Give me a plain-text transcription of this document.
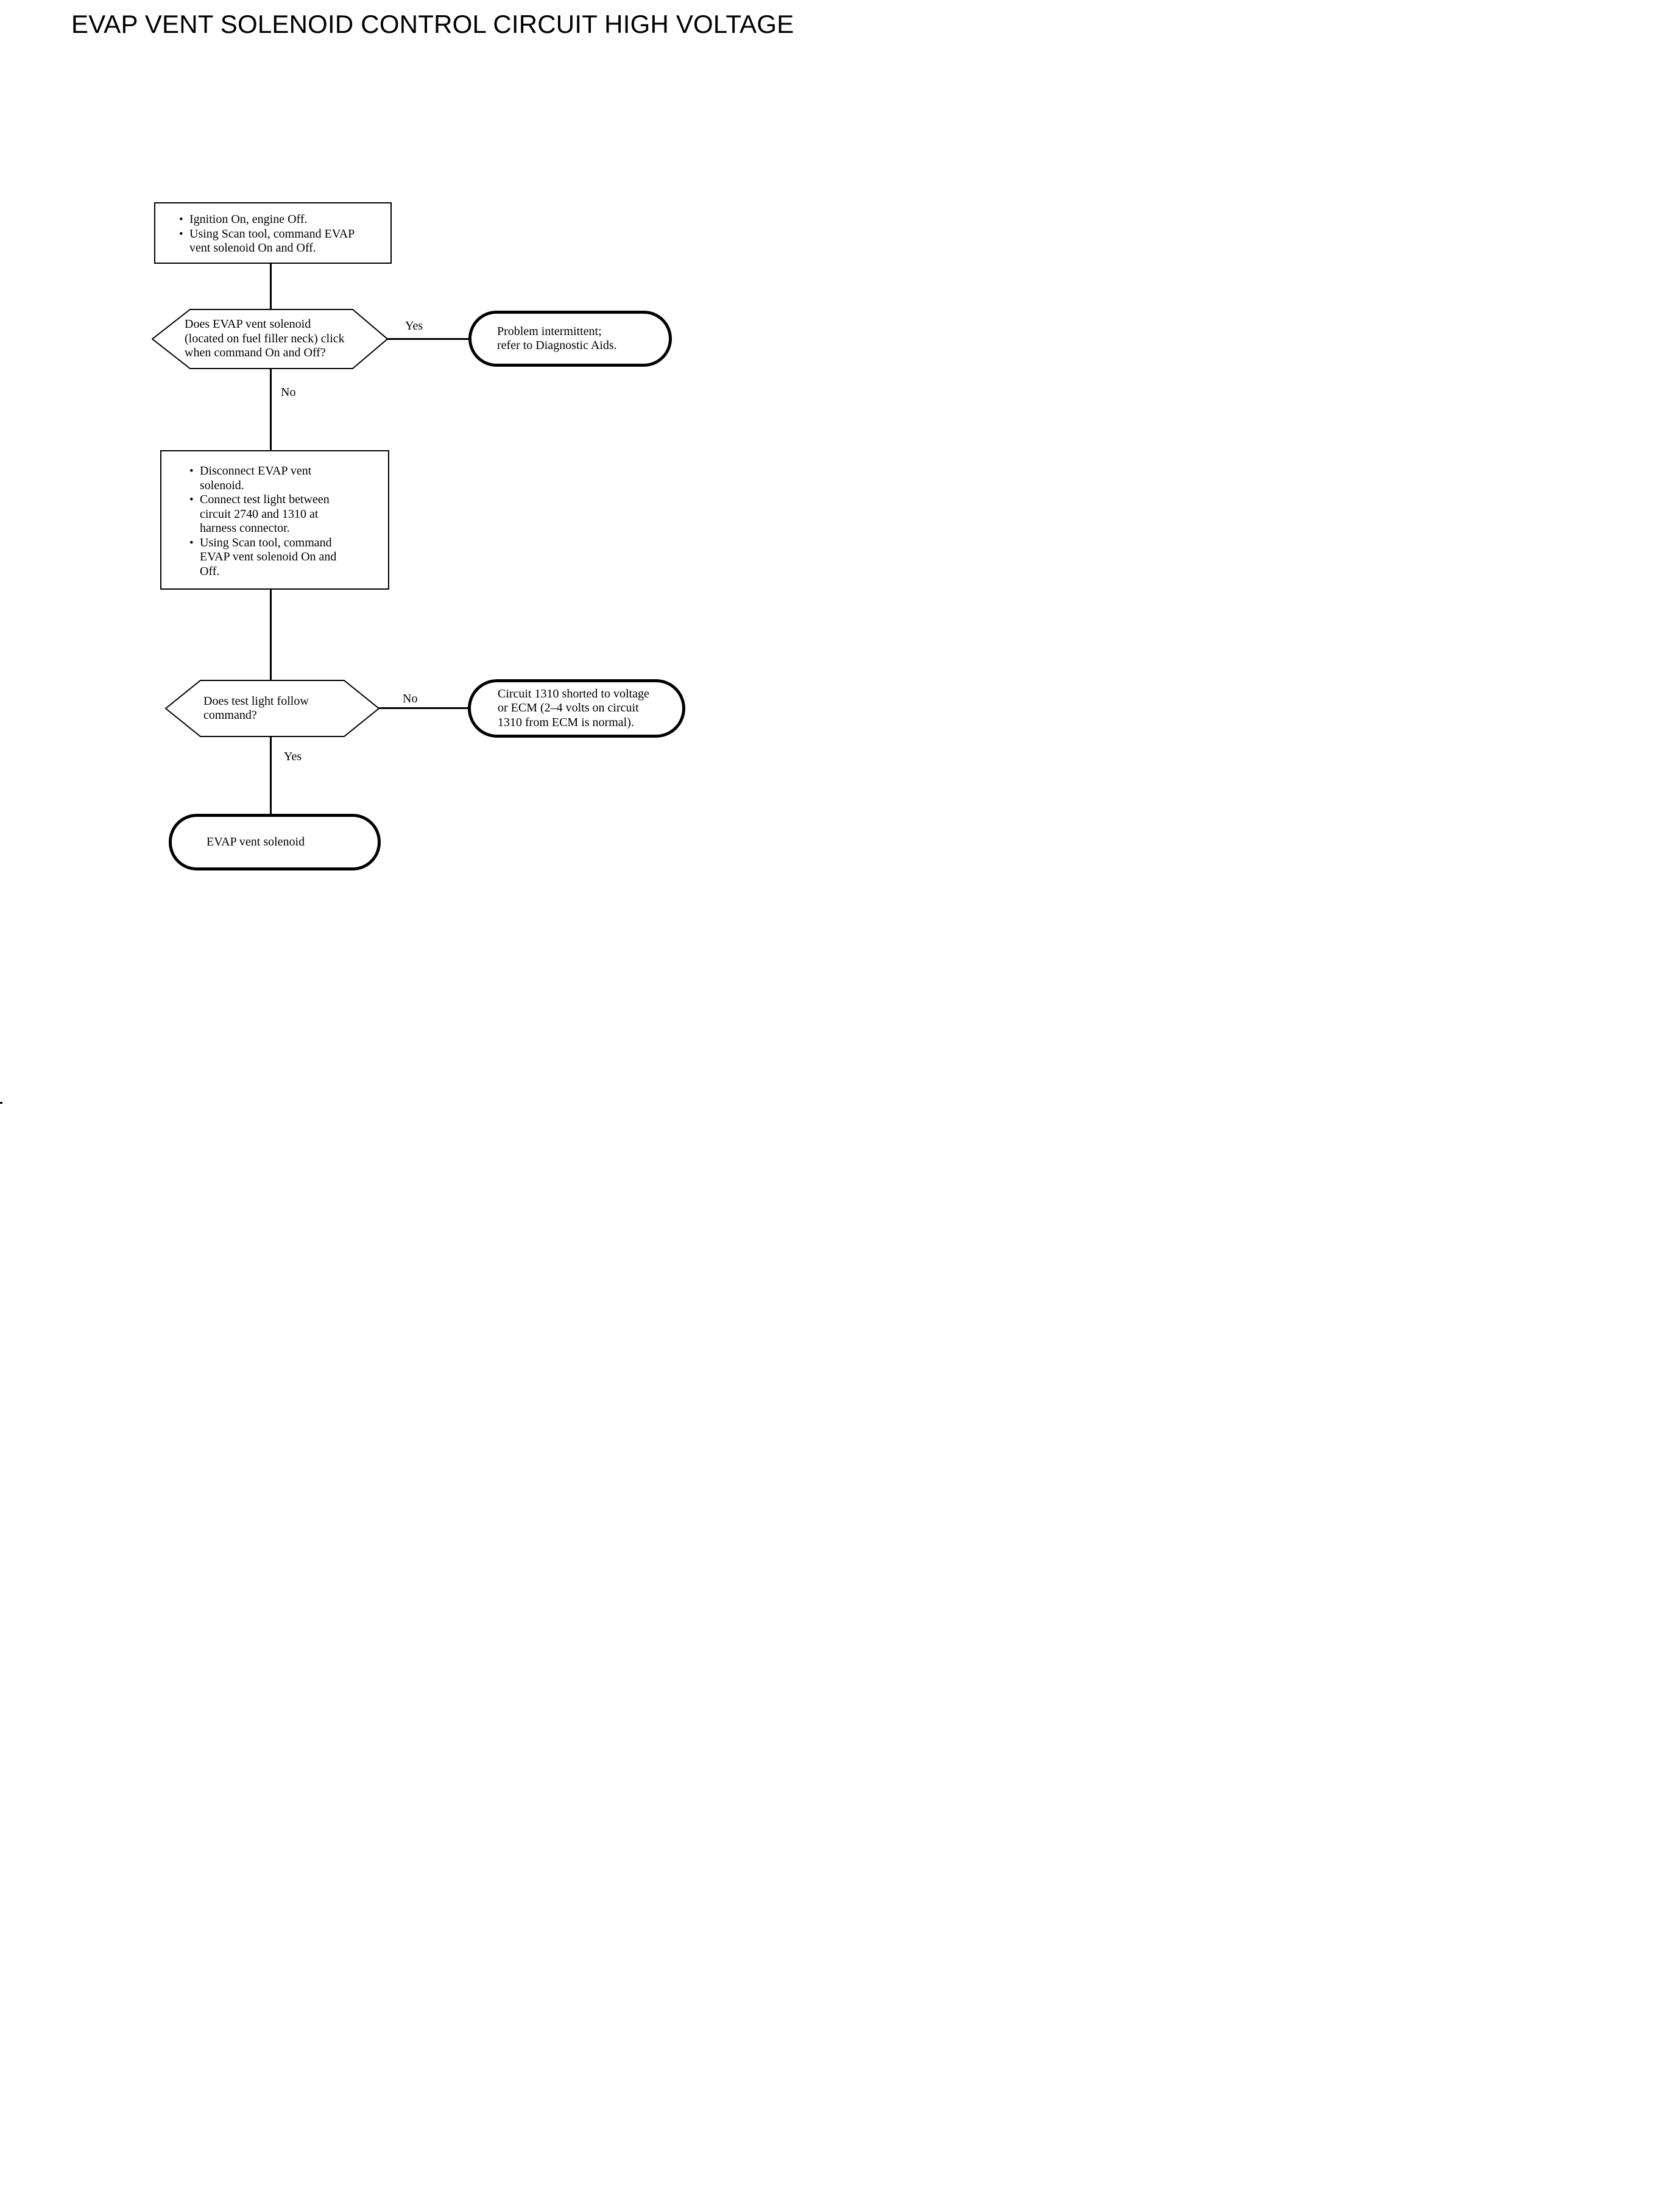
EVAP VENT SOLENOID CONTROL CIRCUIT HIGH VOLTAGE
• Ignition On, engine Off.
• Using Scan tool, command EVAP vent solenoid On and Off.
Does EVAP vent solenoid (located on fuel filler neck) click when command On and Off?
Yes	Problem intermittent; refer to Diagnostic Aids.
No
• Disconnect EVAP vent solenoid.
• Connect test light between circuit 2740 and 1310 at harness connector.
• Using Scan tool, command EVAP vent solenoid On and Off.
Does test light follow command?
No	Circuit 1310 shorted to voltage or ECM (2–4 volts on circuit 1310 from ECM is normal).
Yes
EVAP vent solenoid
